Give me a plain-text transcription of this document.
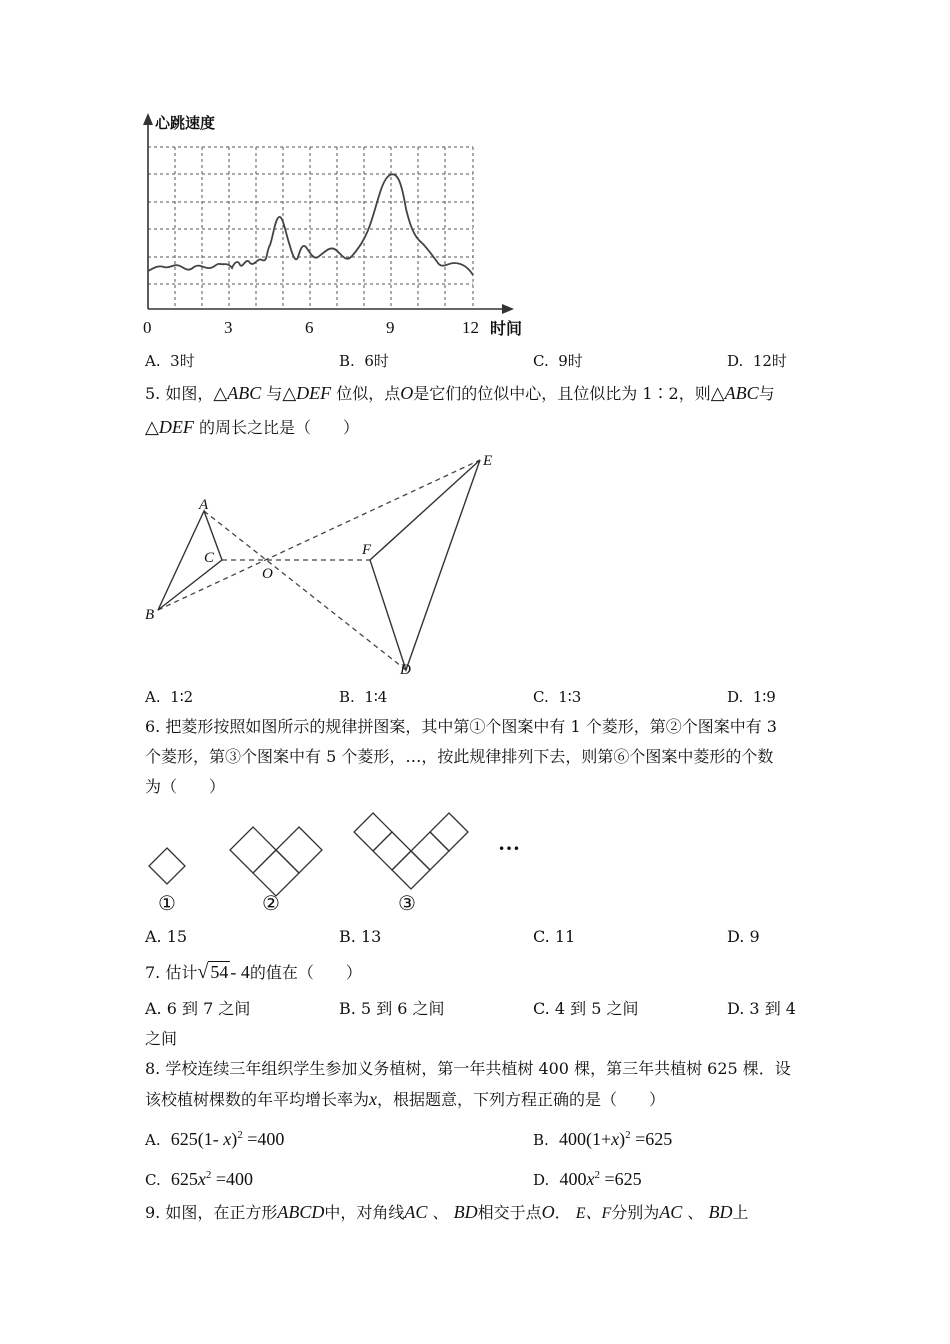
0	3	6	9	12
心跳速度
时间
A. 3时	B. 6时	C. 9时	D. 12时
5. 如图，△ABC 与△DEF 位似，点O是它们的位似中心，且位似比为 1∶2，则△ABC与
△DEF 的周长之比是（　　）
A
B
C
O
F
E
D
A. 1∶2	B. 1∶4	C. 1∶3	D. 1∶9
6. 把菱形按照如图所示的规律拼图案，其中第①个图案中有 1 个菱形，第②个图案中有 3
个菱形，第③个图案中有 5 个菱形，…，按此规律排列下去，则第⑥个图案中菱形的个数
为（　　）
①	②	③
…
A. 15	B. 13	C. 11	D. 9
7. 估计√ 54 - 4的值在（　　）
A. 6 到 7 之间	B. 5 到 6 之间	C. 4 到 5 之间	D. 3 到 4
之间
8. 学校连续三年组织学生参加义务植树，第一年共植树 400 棵，第三年共植树 625 棵．设
该校植树棵数的年平均增长率为x，根据题意，下列方程正确的是（　　）
A. 625(1- x)$^2$ =400	B. $400(1+x)^2 =625$
C. $625x^2 =400$	D. $400x^2 =625$
9. 如图，在正方形ABCD中，对角线AC 、 BD相交于点O． E、F分别为AC 、 BD上
